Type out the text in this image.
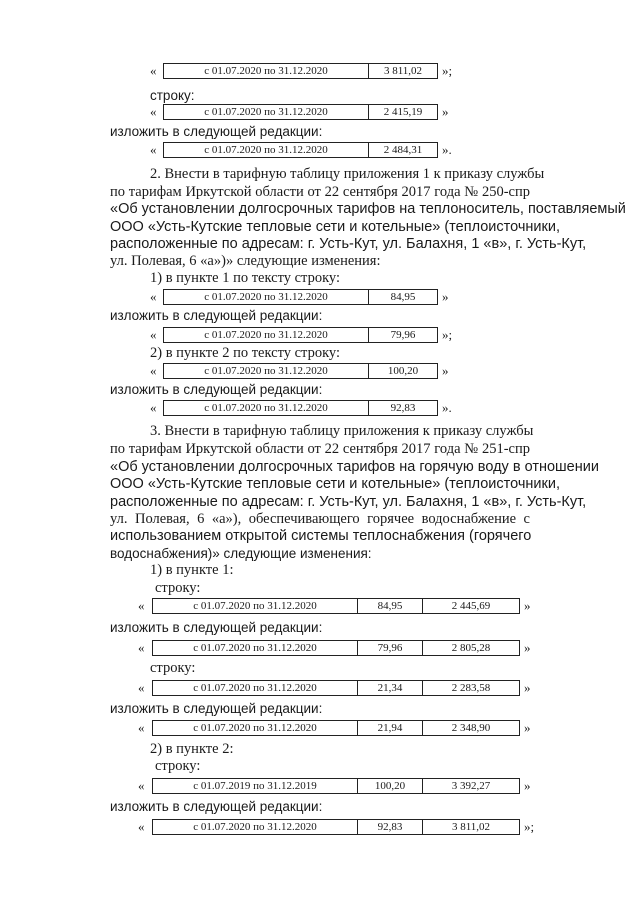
«	с 01.07.2020 по 31.12.2020	3 811,02	»;
строку:
«	с 01.07.2020 по 31.12.2020	2 415,19	»
изложить в следующей редакции:
«	с 01.07.2020 по 31.12.2020	2 484,31	».
2. Внести в тарифную таблицу приложения 1 к приказу службы
по тарифам Иркутской области от 22 сентября 2017 года № 250-спр
«Об установлении долгосрочных тарифов на теплоноситель, поставляемый
ООО «Усть-Кутские тепловые сети и котельные» (теплоисточники,
расположенные по адресам: г. Усть-Кут, ул. Балахня, 1 «в», г. Усть-Кут,
ул. Полевая, 6 «а»)» следующие изменения:
1) в пункте 1 по тексту строку:
«	с 01.07.2020 по 31.12.2020	84,95	»
изложить в следующей редакции:
«	с 01.07.2020 по 31.12.2020	79,96	»;
2) в пункте 2 по тексту строку:
«	с 01.07.2020 по 31.12.2020	100,20	»
изложить в следующей редакции:
«	с 01.07.2020 по 31.12.2020	92,83	».
3. Внести в тарифную таблицу приложения к приказу службы
по тарифам Иркутской области от 22 сентября 2017 года № 251-спр
«Об установлении долгосрочных тарифов на горячую воду в отношении
ООО «Усть-Кутские тепловые сети и котельные» (теплоисточники,
расположенные по адресам: г. Усть-Кут, ул. Балахня, 1 «в», г. Усть-Кут,
ул. Полевая, 6 «а»), обеспечивающего горячее водоснабжение с
использованием открытой системы теплоснабжения (горячего
водоснабжения)» следующие изменения:
1) в пункте 1:
строку:
«	с 01.07.2020 по 31.12.2020	84,95	2 445,69	»
изложить в следующей редакции:
«	с 01.07.2020 по 31.12.2020	79,96	2 805,28	»
строку:
«	с 01.07.2020 по 31.12.2020	21,34	2 283,58	»
изложить в следующей редакции:
«	с 01.07.2020 по 31.12.2020	21,94	2 348,90	»
2) в пункте 2:
строку:
«	с 01.07.2019 по 31.12.2019	100,20	3 392,27	»
изложить в следующей редакции:
«	с 01.07.2020 по 31.12.2020	92,83	3 811,02	»;
